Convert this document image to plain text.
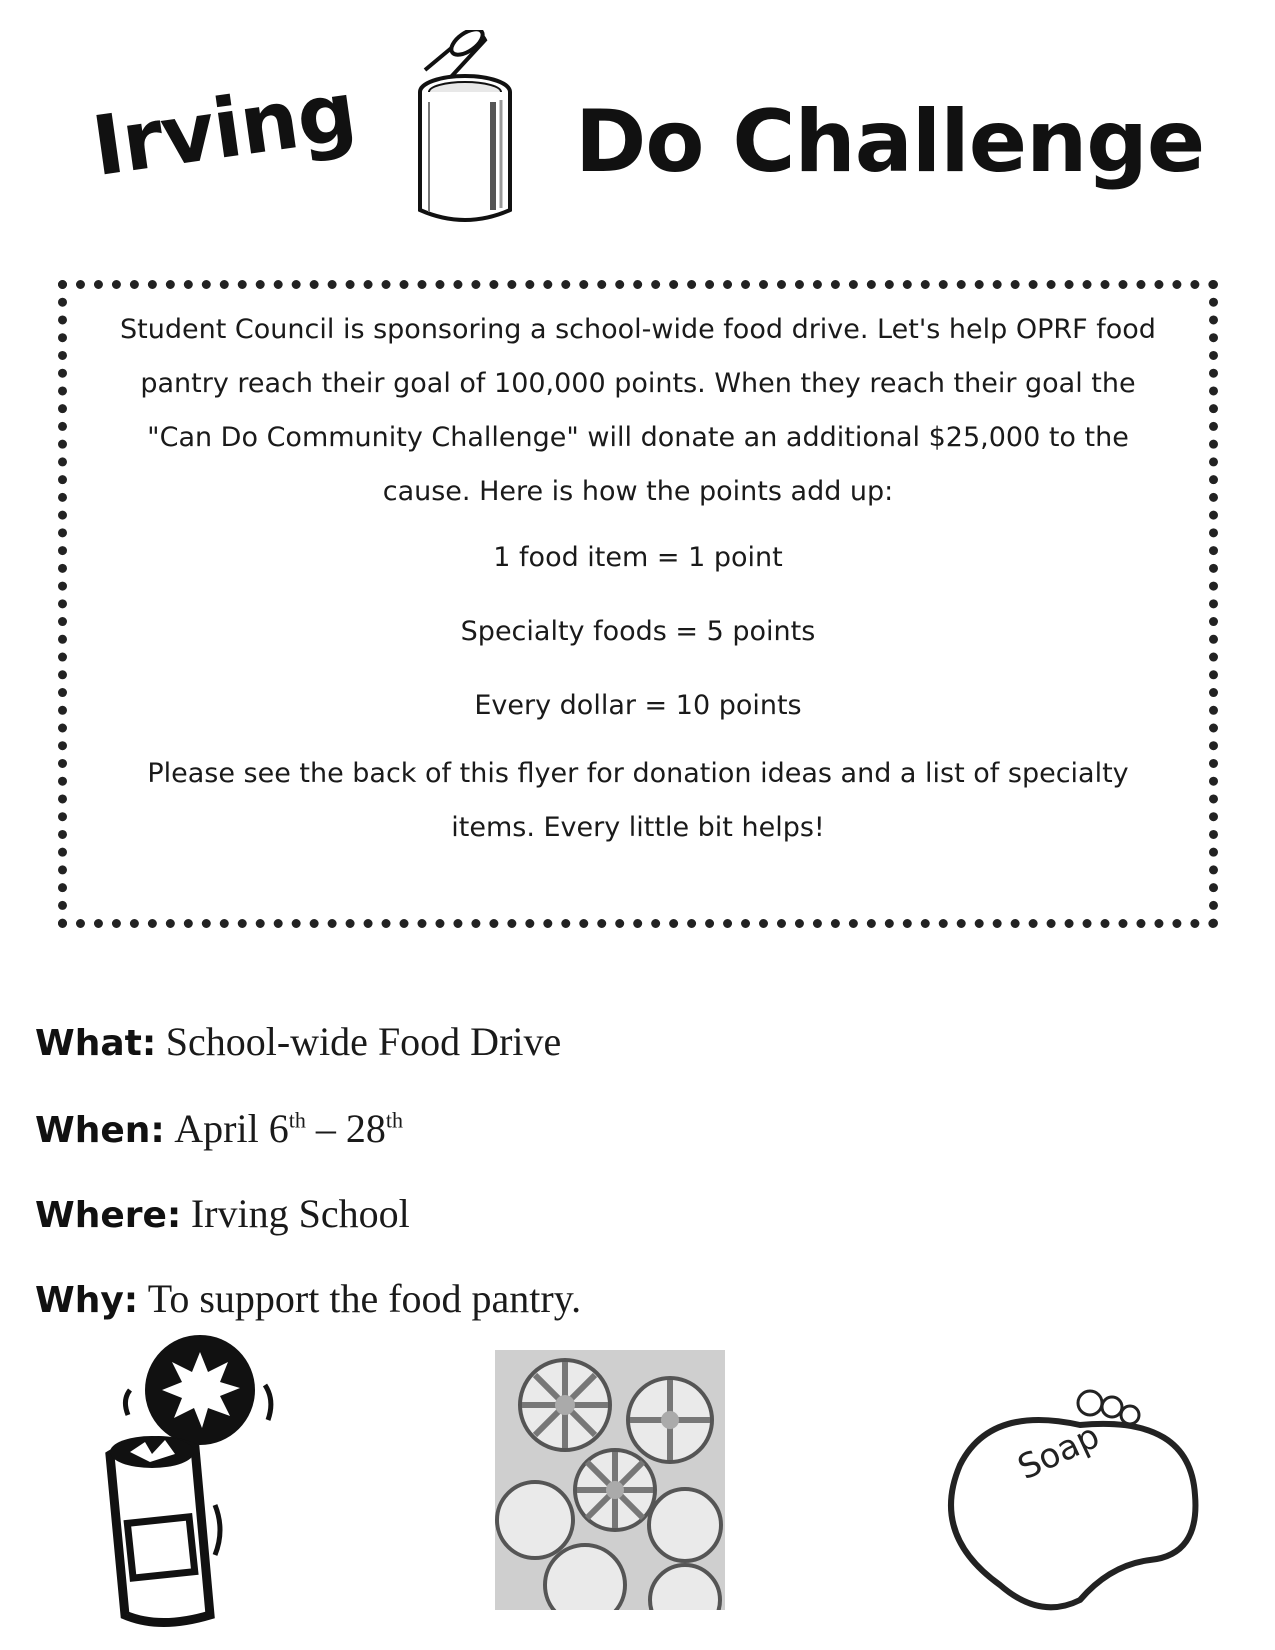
Irving Do Challenge
Student Council is sponsoring a school-wide food drive. Let's help OPRF food pantry reach their goal of 100,000 points. When they reach their goal the "Can Do Community Challenge" will donate an additional $25,000 to the cause. Here is how the points add up:
1 food item = 1 point
Specialty foods = 5 points
Every dollar = 10 points
Please see the back of this flyer for donation ideas and a list of specialty items. Every little bit helps!
What: School-wide Food Drive
When: April 6th – 28th
Where: Irving School
Why: To support the food pantry.
Soap
